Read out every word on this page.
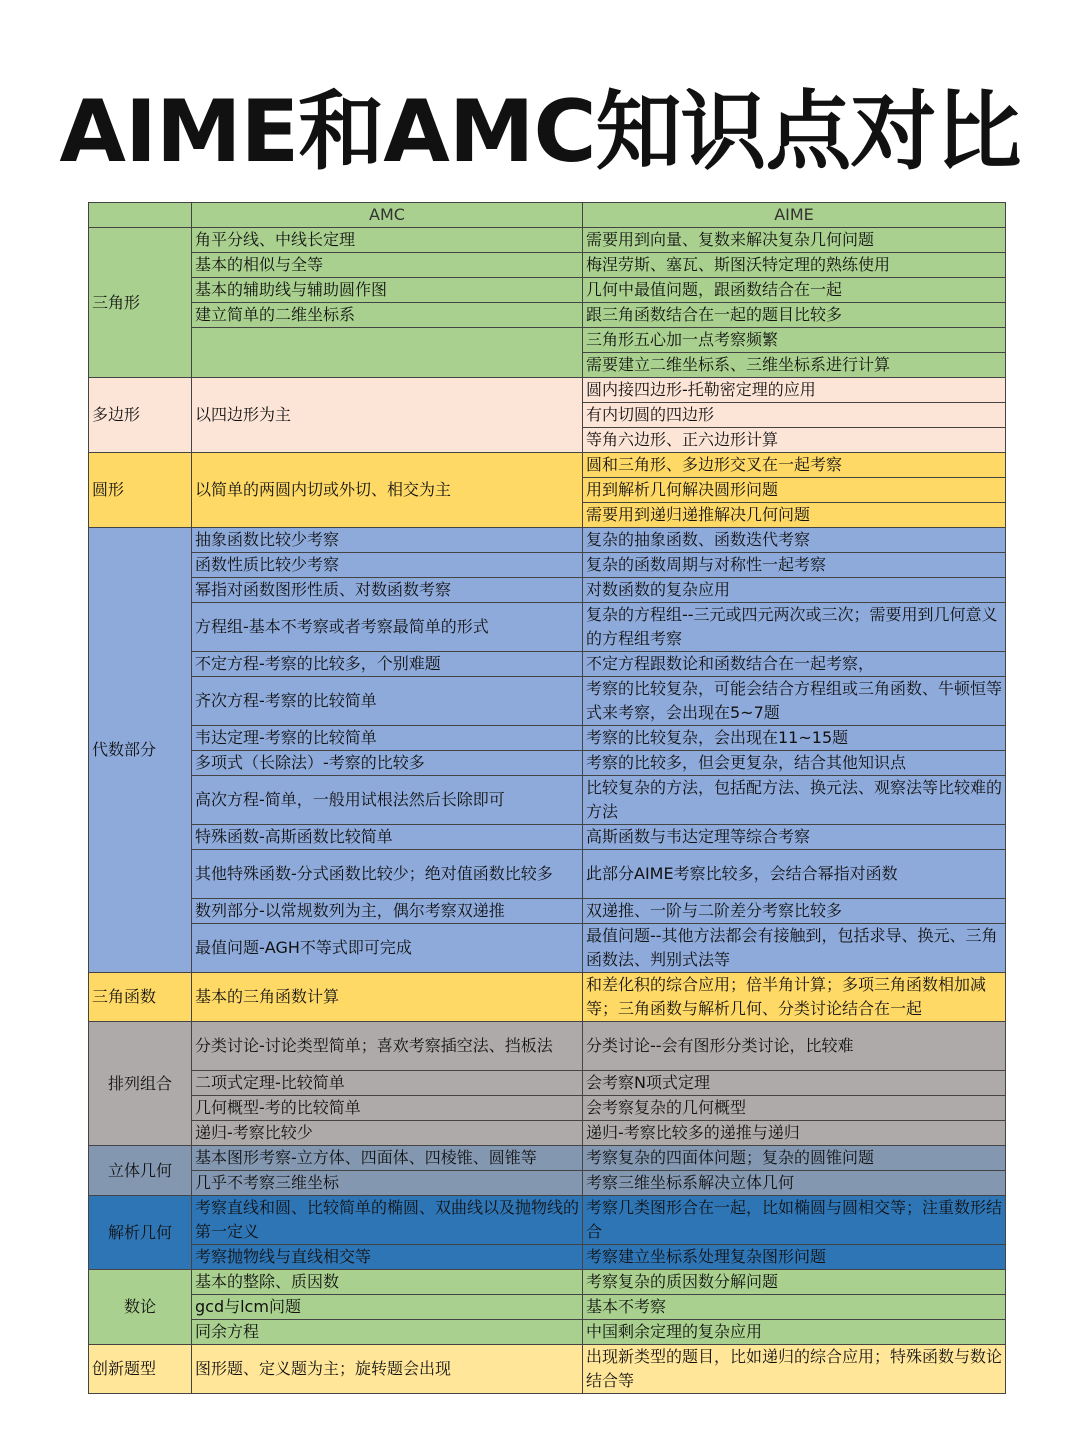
AIME和AMC知识点对比
	AMC	AIME
三角形	角平分线、中线长定理	需要用到向量、复数来解决复杂几何问题
	基本的相似与全等	梅涅劳斯、塞瓦、斯图沃特定理的熟练使用
	基本的辅助线与辅助圆作图	几何中最值问题，跟函数结合在一起
	建立简单的二维坐标系	跟三角函数结合在一起的题目比较多
		三角形五心加一点考察频繁
		需要建立二维坐标系、三维坐标系进行计算
多边形	以四边形为主	圆内接四边形-托勒密定理的应用
		有内切圆的四边形
		等角六边形、正六边形计算
圆形	以简单的两圆内切或外切、相交为主	圆和三角形、多边形交叉在一起考察
		用到解析几何解决圆形问题
		需要用到递归递推解决几何问题
代数部分	抽象函数比较少考察	复杂的抽象函数、函数迭代考察
	函数性质比较少考察	复杂的函数周期与对称性一起考察
	幂指对函数图形性质、对数函数考察	对数函数的复杂应用
	方程组-基本不考察或者考察最简单的形式	复杂的方程组--三元或四元两次或三次；需要用到几何意义的方程组考察
	不定方程-考察的比较多，个别难题	不定方程跟数论和函数结合在一起考察，
	齐次方程-考察的比较简单	考察的比较复杂，可能会结合方程组或三角函数、牛顿恒等式来考察，会出现在5~7题
	韦达定理-考察的比较简单	考察的比较复杂，会出现在11~15题
	多项式（长除法）-考察的比较多	考察的比较多，但会更复杂，结合其他知识点
	高次方程-简单，一般用试根法然后长除即可	比较复杂的方法，包括配方法、换元法、观察法等比较难的方法
	特殊函数-高斯函数比较简单	高斯函数与韦达定理等综合考察
	其他特殊函数-分式函数比较少；绝对值函数比较多	此部分AIME考察比较多，会结合幂指对函数
	数列部分-以常规数列为主，偶尔考察双递推	双递推、一阶与二阶差分考察比较多
	最值问题-AGH不等式即可完成	最值问题--其他方法都会有接触到，包括求导、换元、三角函数法、判别式法等
三角函数	基本的三角函数计算	和差化积的综合应用；倍半角计算；多项三角函数相加减等；三角函数与解析几何、分类讨论结合在一起
排列组合	分类讨论-讨论类型简单；喜欢考察插空法、挡板法	分类讨论--会有图形分类讨论，比较难
	二项式定理-比较简单	会考察N项式定理
	几何概型-考的比较简单	会考察复杂的几何概型
	递归-考察比较少	递归-考察比较多的递推与递归
立体几何	基本图形考察-立方体、四面体、四棱锥、圆锥等	考察复杂的四面体问题；复杂的圆锥问题
	几乎不考察三维坐标	考察三维坐标系解决立体几何
解析几何	考察直线和圆、比较简单的椭圆、双曲线以及抛物线的第一定义	考察几类图形合在一起，比如椭圆与圆相交等；注重数形结合
	考察抛物线与直线相交等	考察建立坐标系处理复杂图形问题
数论	基本的整除、质因数	考察复杂的质因数分解问题
	gcd与lcm问题	基本不考察
	同余方程	中国剩余定理的复杂应用
创新题型	图形题、定义题为主；旋转题会出现	出现新类型的题目，比如递归的综合应用；特殊函数与数论结合等
